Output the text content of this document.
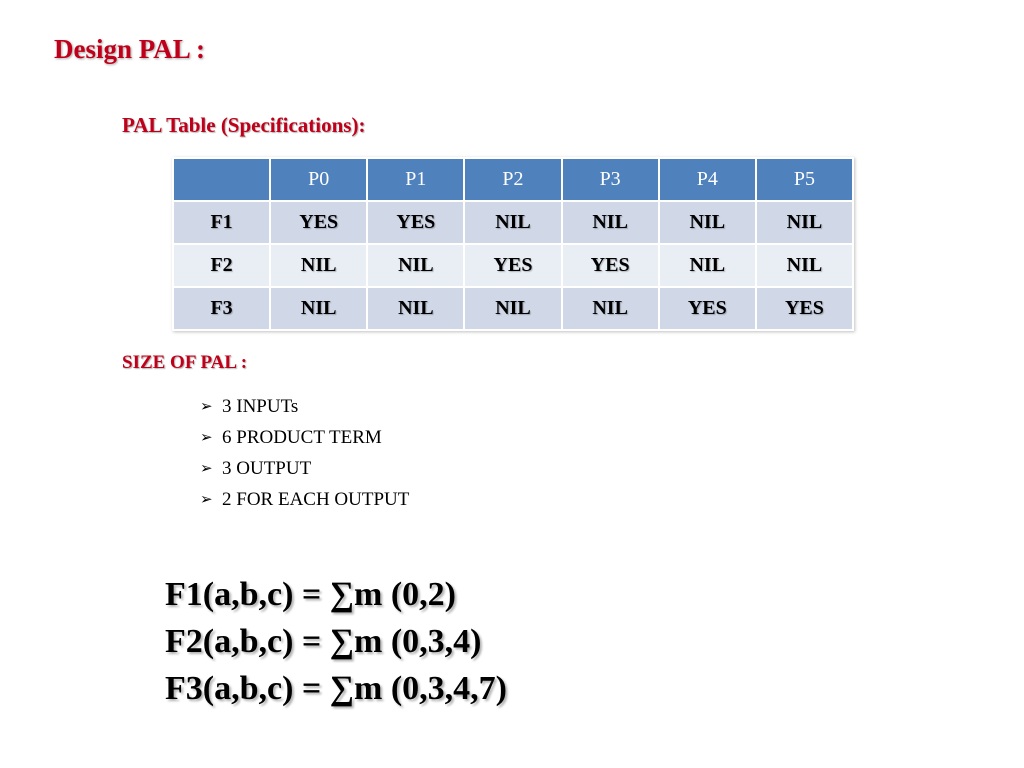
Design PAL :
PAL Table (Specifications):
	P0	P1	P2	P3	P4	P5
F1	YES	YES	NIL	NIL	NIL	NIL
F2	NIL	NIL	YES	YES	NIL	NIL
F3	NIL	NIL	NIL	NIL	YES	YES
SIZE OF PAL :
➢ 3 INPUTs
➢ 6 PRODUCT TERM
➢ 3 OUTPUT
➢ 2 FOR EACH OUTPUT
F1(a,b,c) = ∑m (0,2)
F2(a,b,c) = ∑m (0,3,4)
F3(a,b,c) = ∑m (0,3,4,7)
